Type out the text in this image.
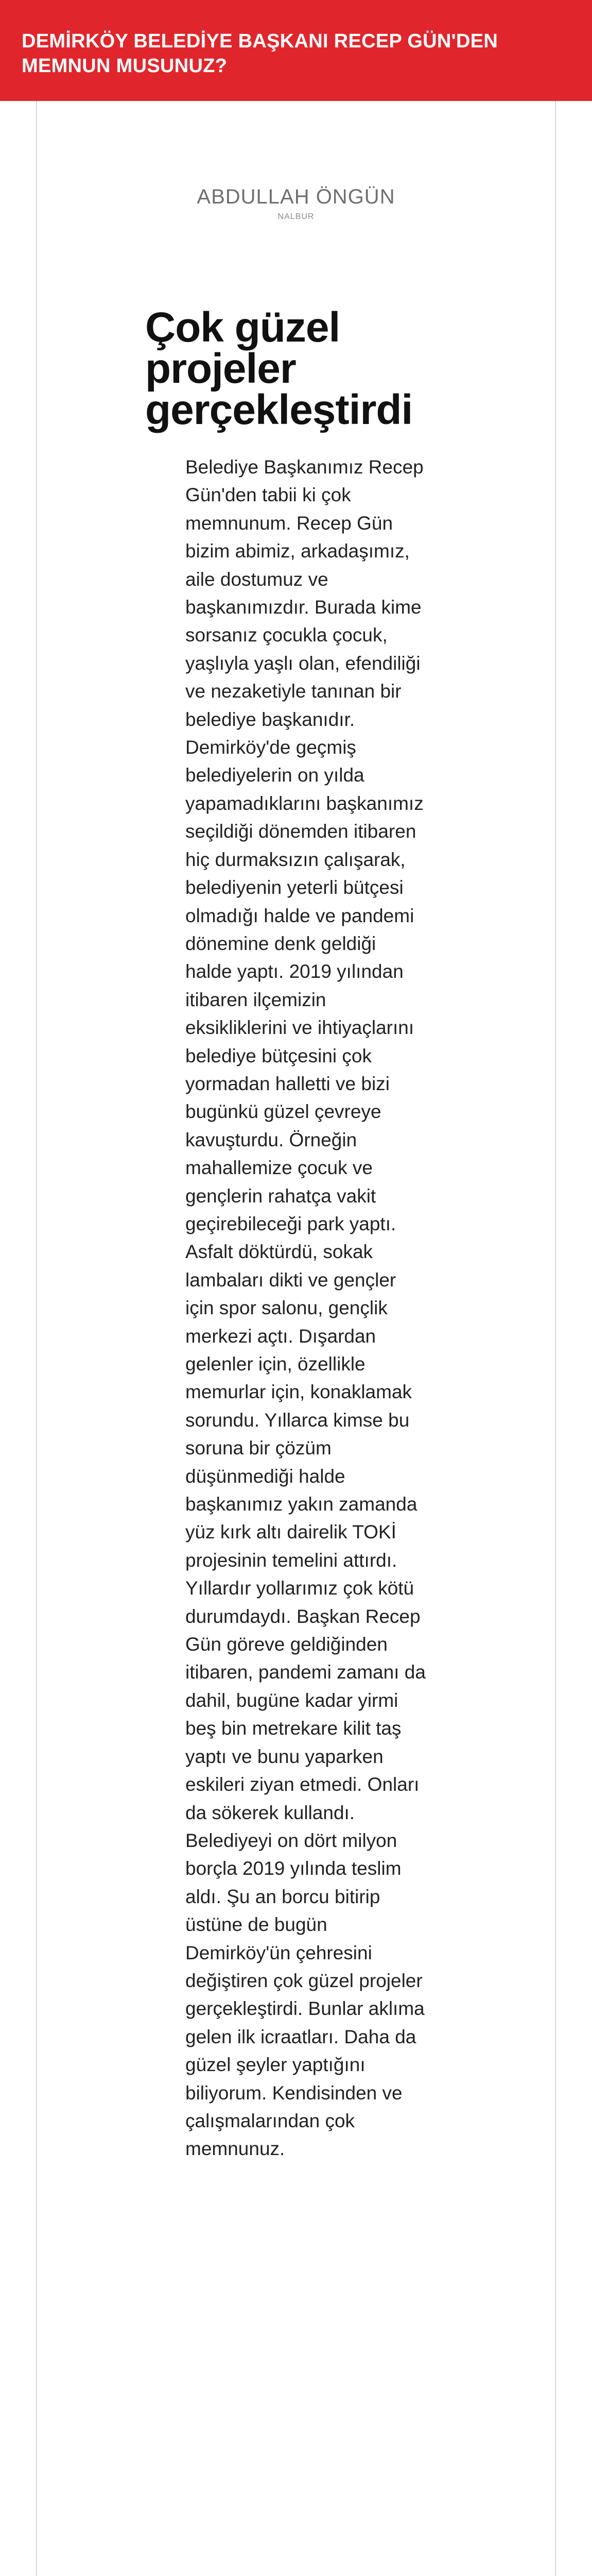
DEMİRKÖY BELEDİYE BAŞKANI RECEP GÜN'DEN MEMNUN MUSUNUZ?
ABDULLAH ÖNGÜN
NALBUR
Çok güzel projeler gerçekleştirdi

Belediye Başkanımız Recep Gün'den tabii ki çok memnunum. Recep Gün bizim abimiz, arkadaşımız, aile dostumuz ve başkanımızdır. Burada kime sorsanız çocukla çocuk, yaşlıyla yaşlı olan, efendiliği ve nezaketiyle tanınan bir belediye başkanıdır. Demirköy'de geçmiş belediyelerin on yılda yapamadıklarını başkanımız seçildiği dönemden itibaren hiç durmaksızın çalışarak, belediyenin yeterli bütçesi olmadığı halde ve pandemi dönemine denk geldiği halde yaptı. 2019 yılından itibaren ilçemizin eksikliklerini ve ihtiyaçlarını belediye bütçesini çok yormadan halletti ve bizi bugünkü güzel çevreye kavuşturdu. Örneğin mahallemize çocuk ve gençlerin rahatça vakit geçirebileceği park yaptı. Asfalt döktürdü, sokak lambaları dikti ve gençler için spor salonu, gençlik merkezi açtı. Dışardan gelenler için, özellikle memurlar için, konaklamak sorundu. Yıllarca kimse bu soruna bir çözüm düşünmediği halde başkanımız yakın zamanda yüz kırk altı dairelik TOKİ projesinin temelini attırdı. Yıllardır yollarımız çok kötü durumdaydı. Başkan Recep Gün göreve geldiğinden itibaren, pandemi zamanı da dahil, bugüne kadar yirmi beş bin metrekare kilit taş yaptı ve bunu yaparken eskileri ziyan etmedi. Onları da sökerek kullandı. Belediyeyi on dört milyon borçla 2019 yılında teslim aldı. Şu an borcu bitirip üstüne de bugün Demirköy'ün çehresini değiştiren çok güzel projeler gerçekleştirdi. Bunlar aklıma gelen ilk icraatları. Daha da güzel şeyler yaptığını biliyorum. Kendisinden ve çalışmalarından çok memnunuz.
